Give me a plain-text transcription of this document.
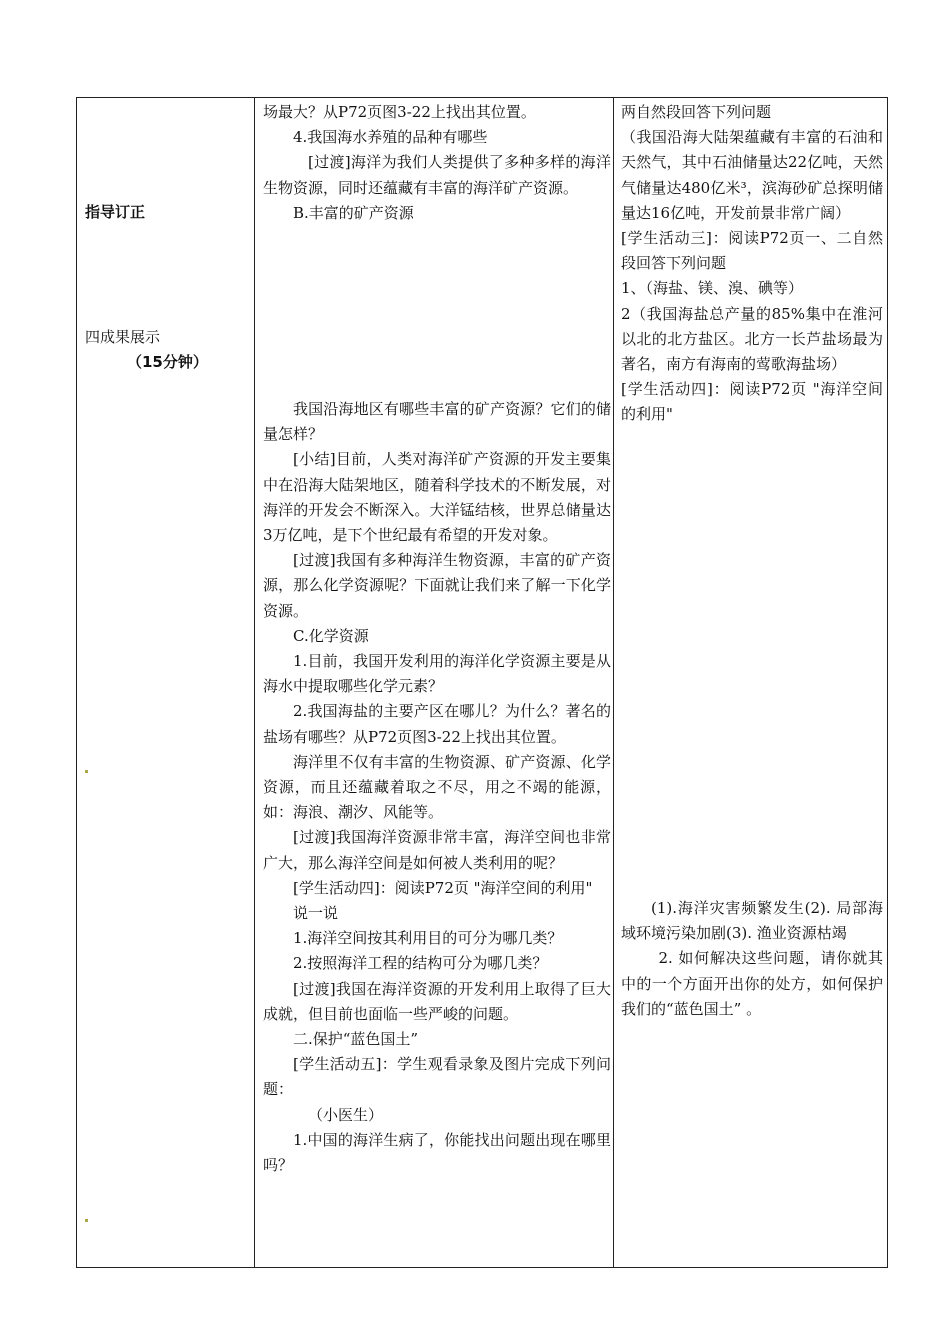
指导订正
四成果展示
（15分钟）

场最大？从P72页图3-22上找出其位置。

4.我国海水养殖的品种有哪些

[过渡]海洋为我们人类提供了多种多样的海洋生物资源，同时还蕴藏有丰富的海洋矿产资源。

B.丰富的矿产资源

我国沿海地区有哪些丰富的矿产资源？它们的储量怎样？

[小结]目前，人类对海洋矿产资源的开发主要集中在沿海大陆架地区，随着科学技术的不断发展，对海洋的开发会不断深入。大洋锰结核，世界总储量达3万亿吨，是下个世纪最有希望的开发对象。

[过渡]我国有多种海洋生物资源，丰富的矿产资源，那么化学资源呢？下面就让我们来了解一下化学资源。

C.化学资源

1.目前，我国开发利用的海洋化学资源主要是从海水中提取哪些化学元素？

2.我国海盐的主要产区在哪儿？为什么？著名的盐场有哪些？从P72页图3-22上找出其位置。

海洋里不仅有丰富的生物资源、矿产资源、化学资源，而且还蕴藏着取之不尽，用之不竭的能源，如：海浪、潮汐、风能等。

[过渡]我国海洋资源非常丰富，海洋空间也非常广大，那么海洋空间是如何被人类利用的呢？

[学生活动四]：阅读P72页 "海洋空间的利用"

说一说

1.海洋空间按其利用目的可分为哪几类？

2.按照海洋工程的结构可分为哪几类？

[过渡]我国在海洋资源的开发利用上取得了巨大成就，但目前也面临一些严峻的问题。

二.保护“蓝色国土”

[学生活动五]：学生观看录象及图片完成下列问题：

（小医生）

1.中国的海洋生病了，你能找出问题出现在哪里吗？

两自然段回答下列问题

（我国沿海大陆架蕴藏有丰富的石油和天然气，其中石油储量达22亿吨，天然气储量达480亿米³，滨海砂矿总探明储量达16亿吨，开发前景非常广阔）

[学生活动三]：阅读P72页一、二自然段回答下列问题

1、（海盐、镁、溴、碘等）

2（我国海盐总产量的85%集中在淮河以北的北方盐区。北方一长芦盐场最为著名，南方有海南的莺歌海盐场）

[学生活动四]：阅读P72页 "海洋空间的利用"

(1).海洋灾害频繁发生(2). 局部海域环境污染加剧(3). 渔业资源枯竭

2. 如何解决这些问题，请你就其中的一个方面开出你的处方，如何保护我们的“蓝色国土” 。
